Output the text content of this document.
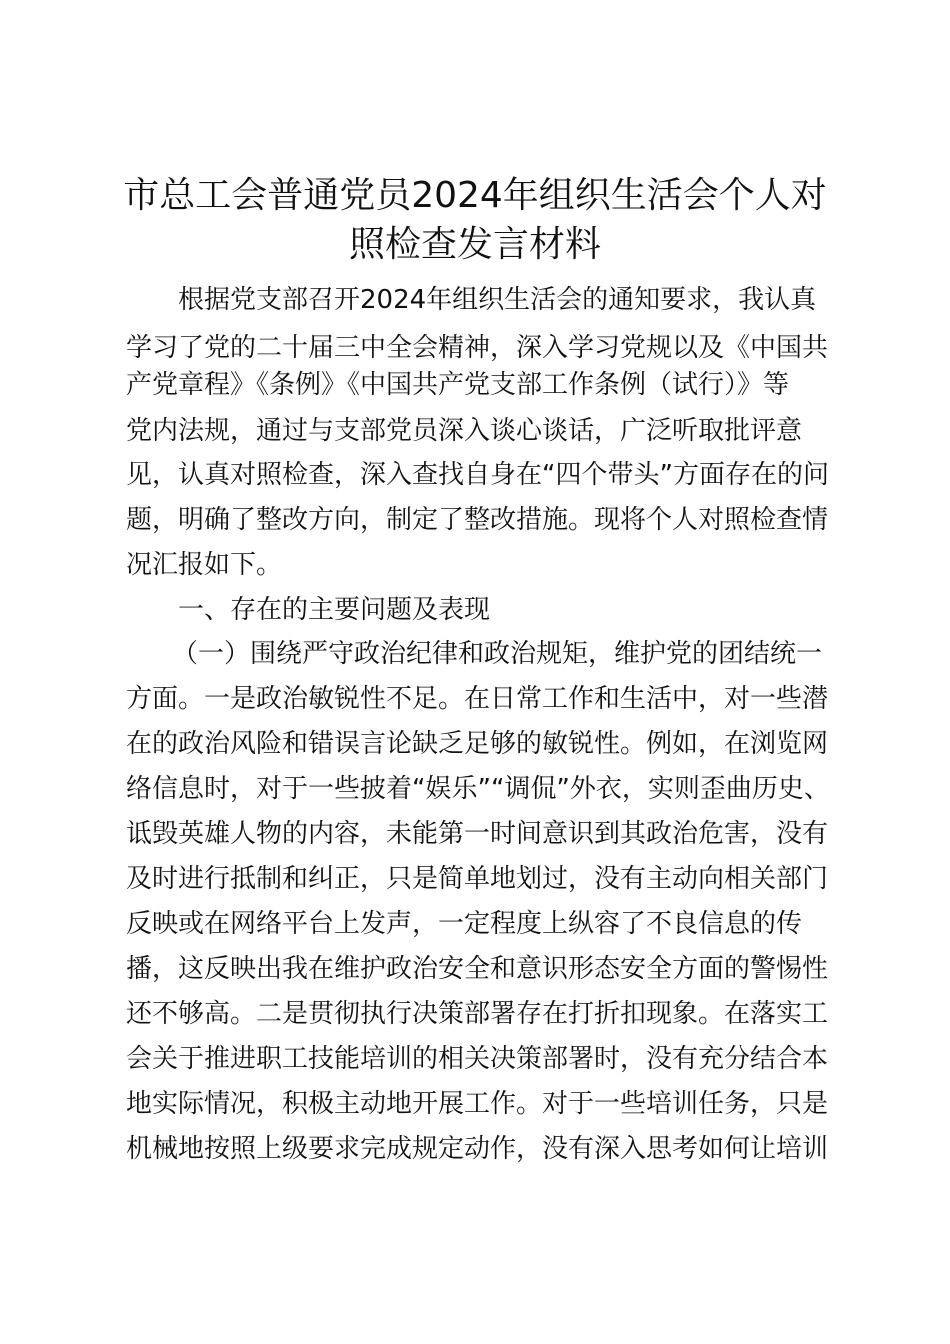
市总工会普通党员2024年组织生活会个人对
照检查发言材料

根据党支部召开2024年组织生活会的通知要求，我认真

学习了党的二十届三中全会精神，深入学习党规以及《中国共

产党章程》《条例》《中国共产党支部工作条例（试行）》等

党内法规，通过与支部党员深入谈心谈话，广泛听取批评意

见，认真对照检查，深入查找自身在“四个带头”方面存在的问

题，明确了整改方向，制定了整改措施。现将个人对照检查情

况汇报如下。

一、存在的主要问题及表现

（一）围绕严守政治纪律和政治规矩，维护党的团结统一

方面。一是政治敏锐性不足。在日常工作和生活中，对一些潜

在的政治风险和错误言论缺乏足够的敏锐性。例如，在浏览网

络信息时，对于一些披着“娱乐”“调侃”外衣，实则歪曲历史、

诋毁英雄人物的内容，未能第一时间意识到其政治危害，没有

及时进行抵制和纠正，只是简单地划过，没有主动向相关部门

反映或在网络平台上发声，一定程度上纵容了不良信息的传

播，这反映出我在维护政治安全和意识形态安全方面的警惕性

还不够高。二是贯彻执行决策部署存在打折扣现象。在落实工

会关于推进职工技能培训的相关决策部署时，没有充分结合本

地实际情况，积极主动地开展工作。对于一些培训任务，只是

机械地按照上级要求完成规定动作，没有深入思考如何让培训
